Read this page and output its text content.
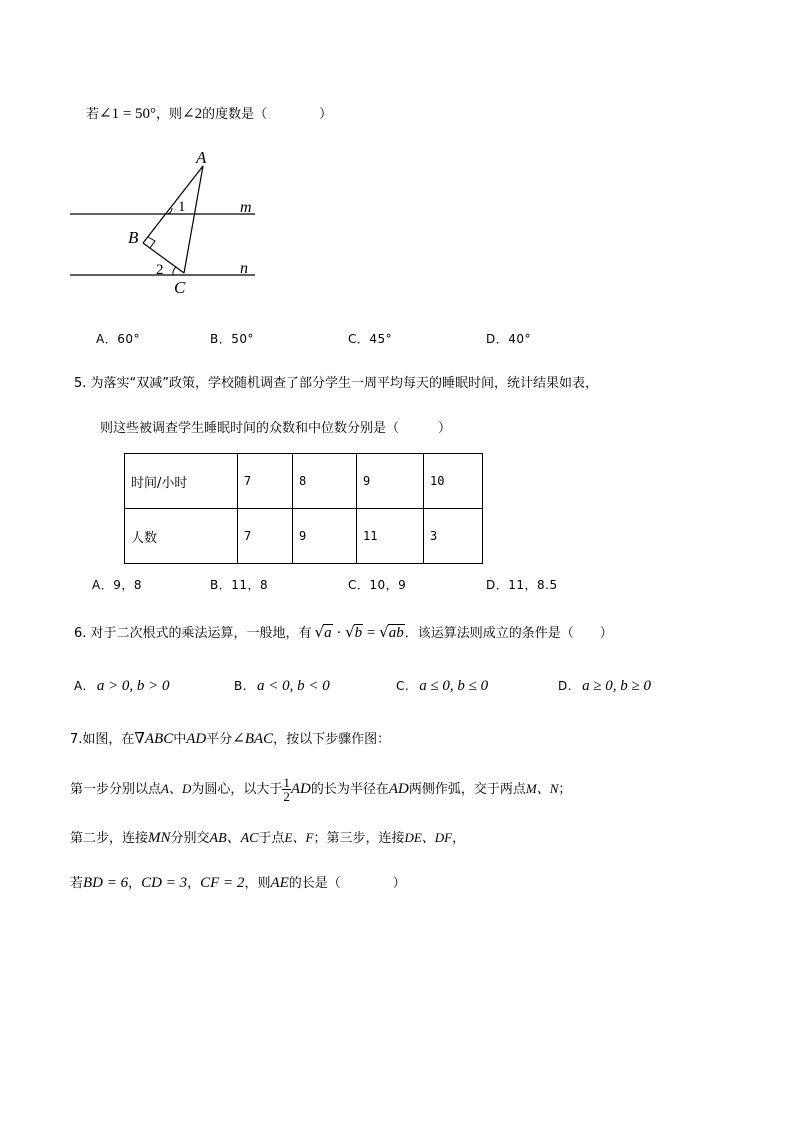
若∠1 = 50°，则∠2的度数是（　　　　）
A
B
C
m
n
1
2
A．60°	B．50°	C．45°	D．40°
5. 为落实“双减”政策，学校随机调查了部分学生一周平均每天的睡眠时间，统计结果如表，
则这些被调查学生睡眠时间的众数和中位数分别是（　　　）
时间/小时	7	8	9	10
人数	7	9	11	3
A．9，8	B．11，8	C．10，9	D．11，8.5
6. 对于二次根式的乘法运算，一般地，有 √a · √b = √ab．该运算法则成立的条件是（　　）
A. a > 0, b > 0	B. a < 0, b < 0	C. a ≤ 0, b ≤ 0	D. a ≥ 0, b ≥ 0
7.如图，在∇ABC中AD平分∠BAC，按以下步骤作图：
第一步分别以点A、D为圆心，以大于 $\frac{1}{2}$ AD的长为半径在AD两侧作弧，交于两点M、N；
第二步，连接MN分别交AB、AC于点E、F；第三步，连接DE、DF，
若BD = 6，CD = 3，CF = 2，则AE的长是（　　　　）
